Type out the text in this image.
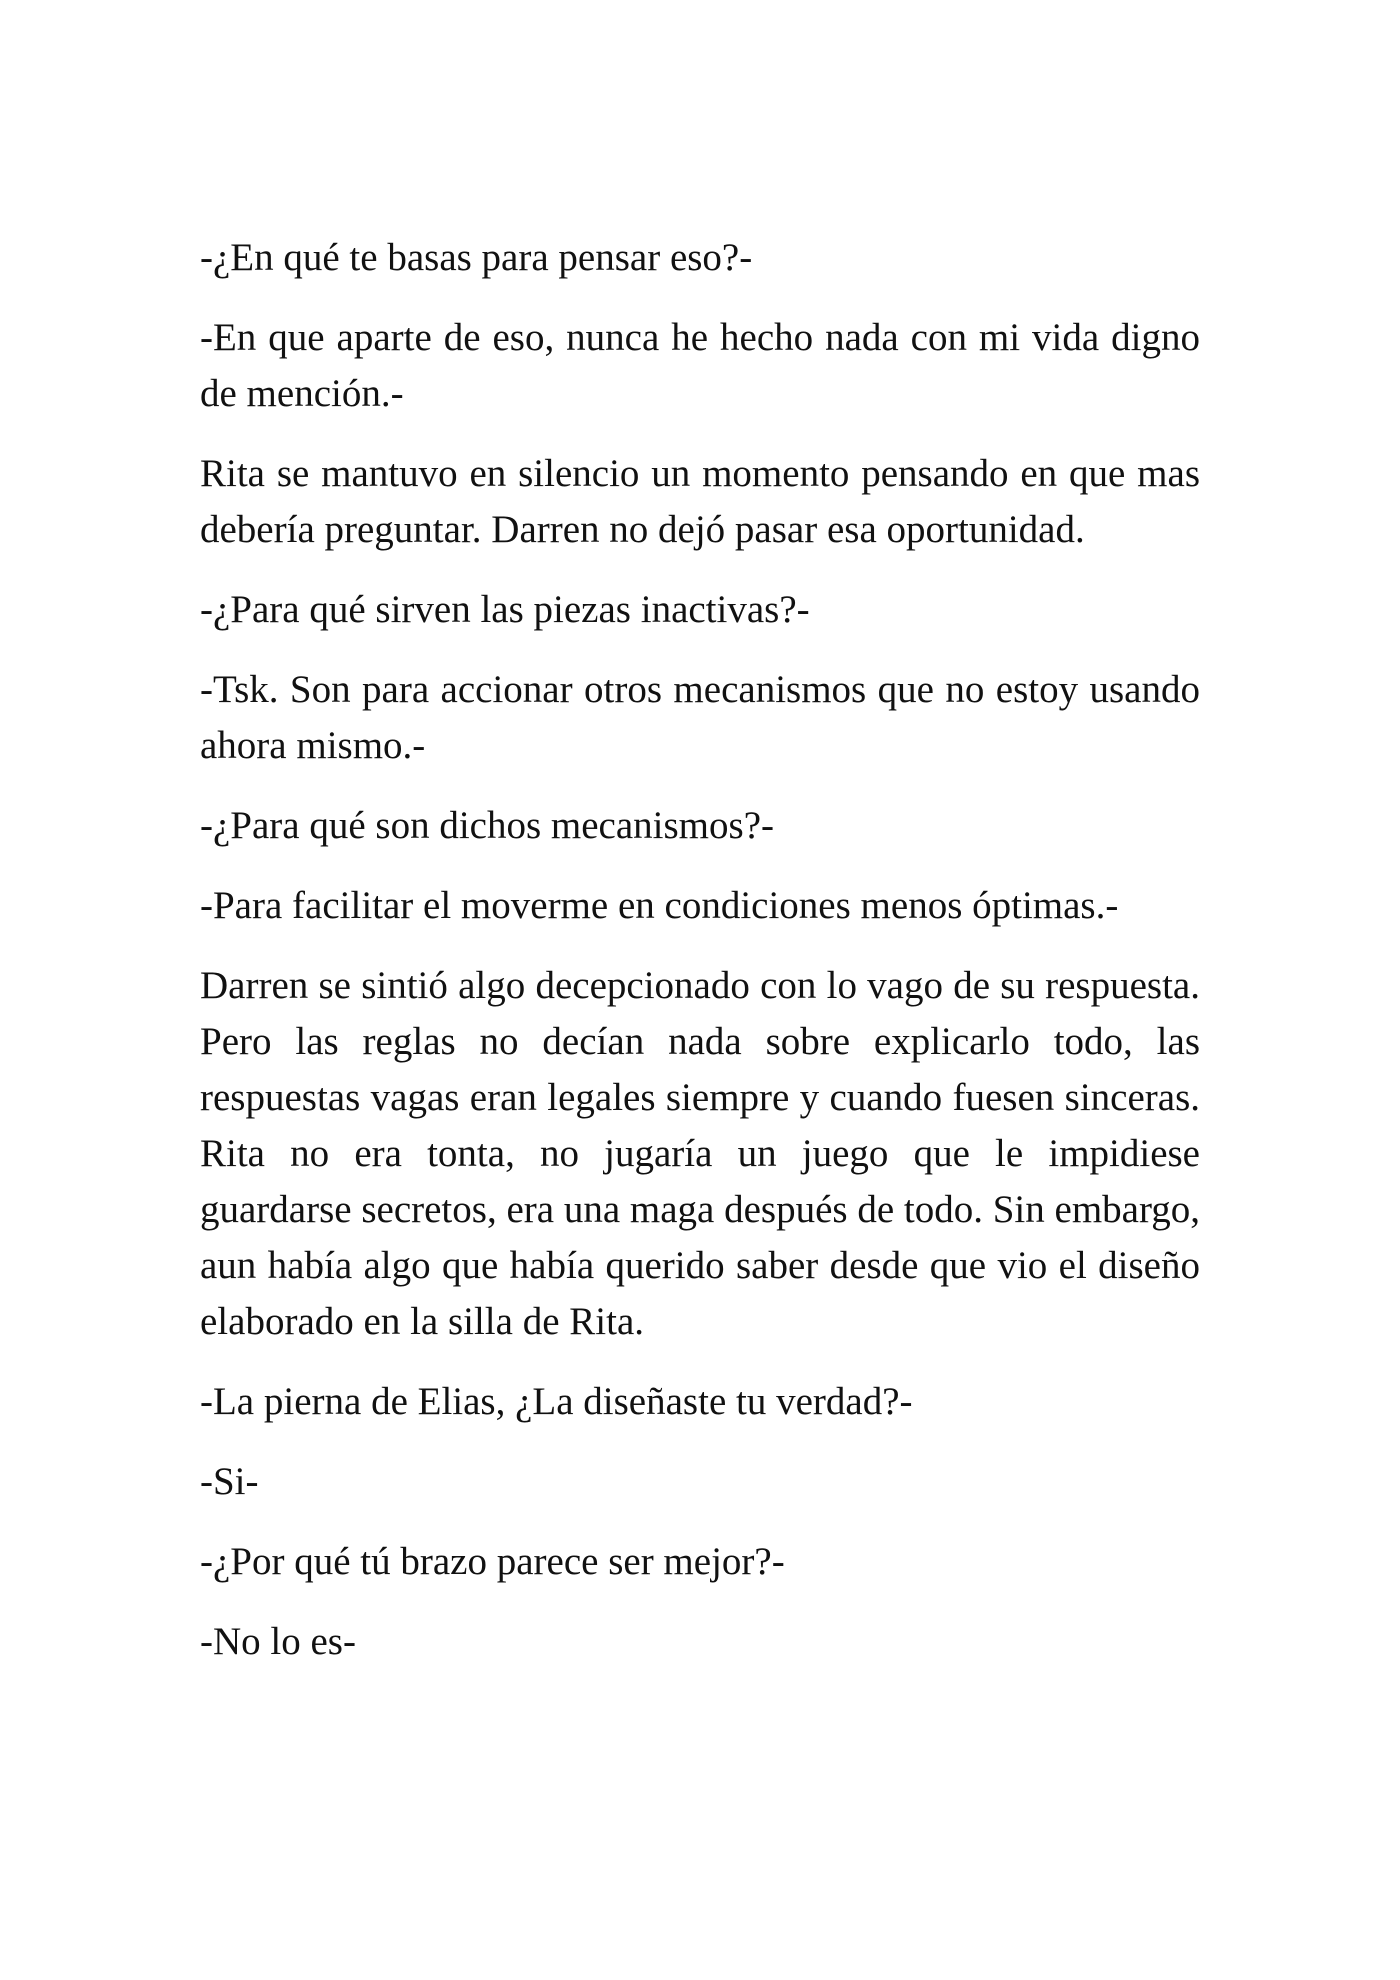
-¿En qué te basas para pensar eso?-

-En que aparte de eso, nunca he hecho nada con mi vida digno de mención.-

Rita se mantuvo en silencio un momento pensando en que mas debería preguntar. Darren no dejó pasar esa oportunidad.

-¿Para qué sirven las piezas inactivas?-

-Tsk. Son para accionar otros mecanismos que no estoy usando ahora mismo.-

-¿Para qué son dichos mecanismos?-

-Para facilitar el moverme en condiciones menos óptimas.-

Darren se sintió algo decepcionado con lo vago de su respuesta. Pero las reglas no decían nada sobre explicarlo todo, las respuestas vagas eran legales siempre y cuando fuesen sinceras. Rita no era tonta, no jugaría un juego que le impidiese guardarse secretos, era una maga después de todo. Sin embargo, aun había algo que había querido saber desde que vio el diseño elaborado en la silla de Rita.

-La pierna de Elias, ¿La diseñaste tu verdad?-

-Si-

-¿Por qué tú brazo parece ser mejor?-

-No lo es-
